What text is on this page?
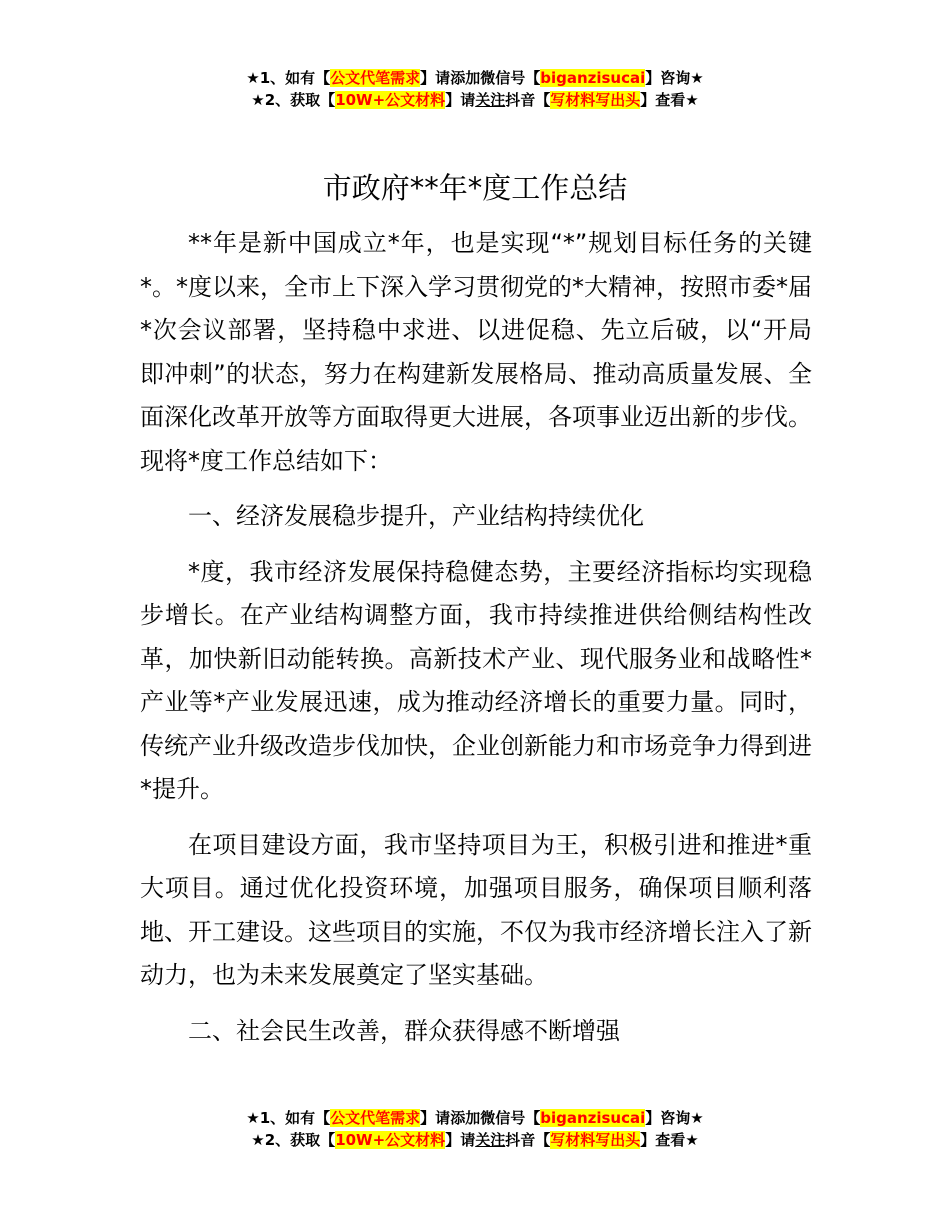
★1、如有【公文代笔需求】请添加微信号【biganzisucai】咨询★
★2、获取【10W+公文材料】请关注抖音【写材料写出头】查看★
市政府**年*度工作总结

**年是新中国成立*年，也是实现“*”规划目标任务的关键*。*度以来，全市上下深入学习贯彻党的*大精神，按照市委*届*次会议部署，坚持稳中求进、以进促稳、先立后破，以“开局即冲刺”的状态，努力在构建新发展格局、推动高质量发展、全面深化改革开放等方面取得更大进展，各项事业迈出新的步伐。现将*度工作总结如下：

一、经济发展稳步提升，产业结构持续优化

*度，我市经济发展保持稳健态势，主要经济指标均实现稳步增长。在产业结构调整方面，我市持续推进供给侧结构性改革，加快新旧动能转换。高新技术产业、现代服务业和战略性*产业等*产业发展迅速，成为推动经济增长的重要力量。同时，传统产业升级改造步伐加快，企业创新能力和市场竞争力得到进*提升。

在项目建设方面，我市坚持项目为王，积极引进和推进*重大项目。通过优化投资环境，加强项目服务，确保项目顺利落地、开工建设。这些项目的实施，不仅为我市经济增长注入了新动力，也为未来发展奠定了坚实基础。

二、社会民生改善，群众获得感不断增强

★1、如有【公文代笔需求】请添加微信号【biganzisucai】咨询★
★2、获取【10W+公文材料】请关注抖音【写材料写出头】查看★
